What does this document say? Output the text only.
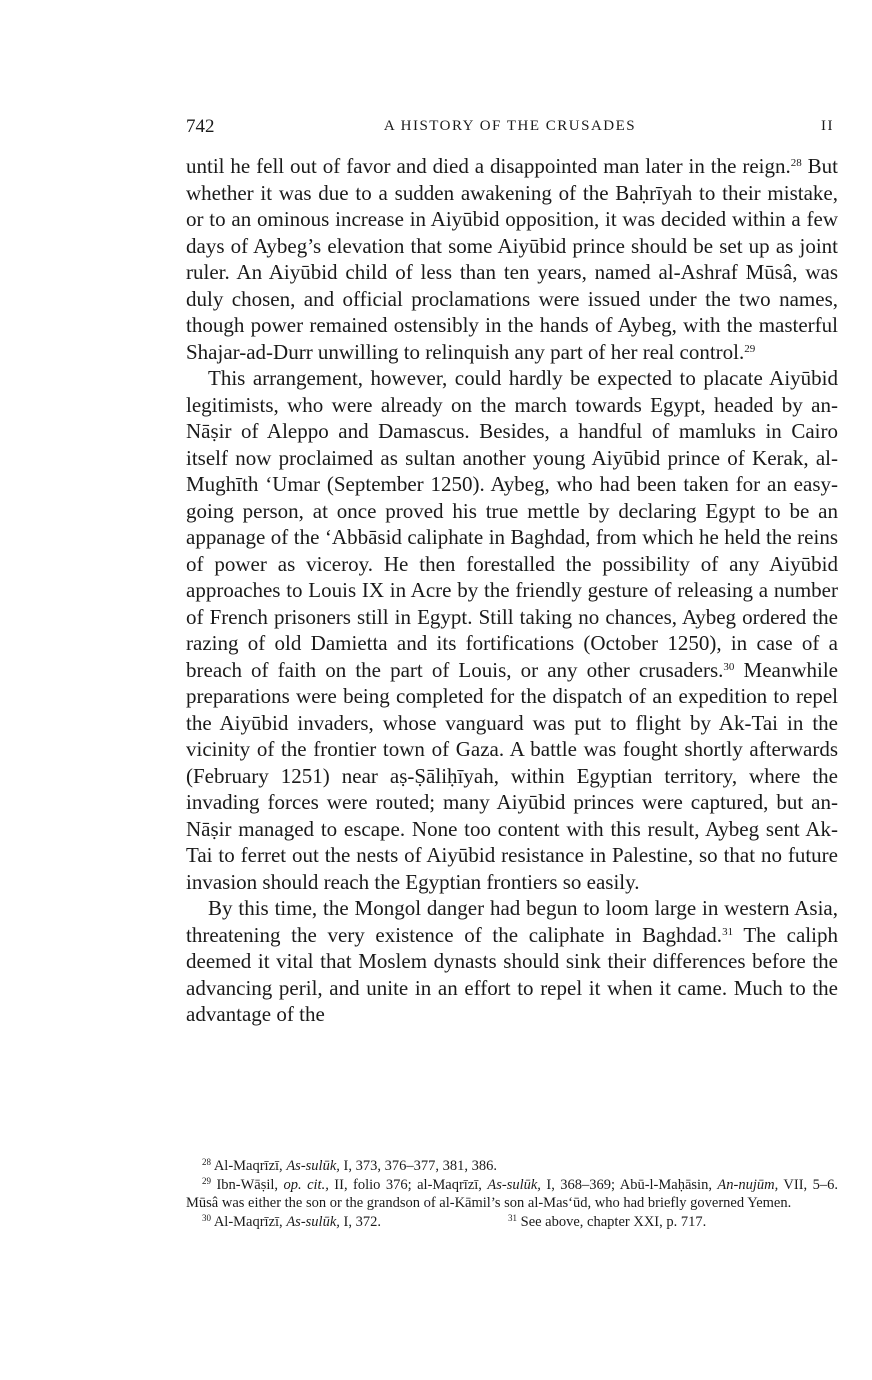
742	A HISTORY OF THE CRUSADES	II

until he fell out of favor and died a disappointed man later in the reign.$^{28}$ But whether it was due to a sudden awakening of the Baḥrīyah to their mistake, or to an ominous increase in Aiyūbid opposition, it was decided within a few days of Aybeg’s elevation that some Aiyūbid prince should be set up as joint ruler. An Aiyūbid child of less than ten years, named al-Ashraf Mūsâ, was duly chosen, and official proclamations were issued under the two names, though power remained ostensibly in the hands of Aybeg, with the masterful Shajar-ad-Durr unwilling to relinquish any part of her real control.$^{29}$

This arrangement, however, could hardly be expected to placate Aiyūbid legitimists, who were already on the march towards Egypt, headed by an-Nāṣir of Aleppo and Damascus. Besides, a handful of mamluks in Cairo itself now proclaimed as sultan another young Aiyūbid prince of Kerak, al-Mughīth ‘Umar (September 1250). Aybeg, who had been taken for an easy-going person, at once proved his true mettle by declaring Egypt to be an appanage of the ‘Abbāsid caliphate in Baghdad, from which he held the reins of power as viceroy. He then forestalled the possibility of any Aiyūbid approaches to Louis IX in Acre by the friendly gesture of releasing a number of French prisoners still in Egypt. Still taking no chances, Aybeg ordered the razing of old Damietta and its fortifications (October 1250), in case of a breach of faith on the part of Louis, or any other crusaders.$^{30}$ Meanwhile preparations were being completed for the dispatch of an expedition to repel the Aiyūbid invaders, whose vanguard was put to flight by Ak-Tai in the vicinity of the frontier town of Gaza. A battle was fought shortly afterwards (February 1251) near aṣ-Ṣāliḥīyah, within Egyptian territory, where the invading forces were routed; many Aiyūbid princes were captured, but an-Nāṣir managed to escape. None too content with this result, Aybeg sent Ak-Tai to ferret out the nests of Aiyūbid resistance in Palestine, so that no future invasion should reach the Egyptian frontiers so easily.

By this time, the Mongol danger had begun to loom large in western Asia, threatening the very existence of the caliphate in Baghdad.$^{31}$ The caliph deemed it vital that Moslem dynasts should sink their differences before the advancing peril, and unite in an effort to repel it when it came. Much to the advantage of the

$^{28}$ Al-Maqrīzī, As-sulūk, I, 373, 376–377, 381, 386.
$^{29}$ Ibn-Wāṣil, op. cit., II, folio 376; al-Maqrīzī, As-sulūk, I, 368–369; Abū-l-Maḥāsin, An-nujūm, VII, 5–6. Mūsâ was either the son or the grandson of al-Kāmil’s son al-Mas‘ūd, who had briefly governed Yemen.
$^{30}$ Al-Maqrīzī, As-sulūk, I, 372.	$^{31}$ See above, chapter XXI, p. 717.
